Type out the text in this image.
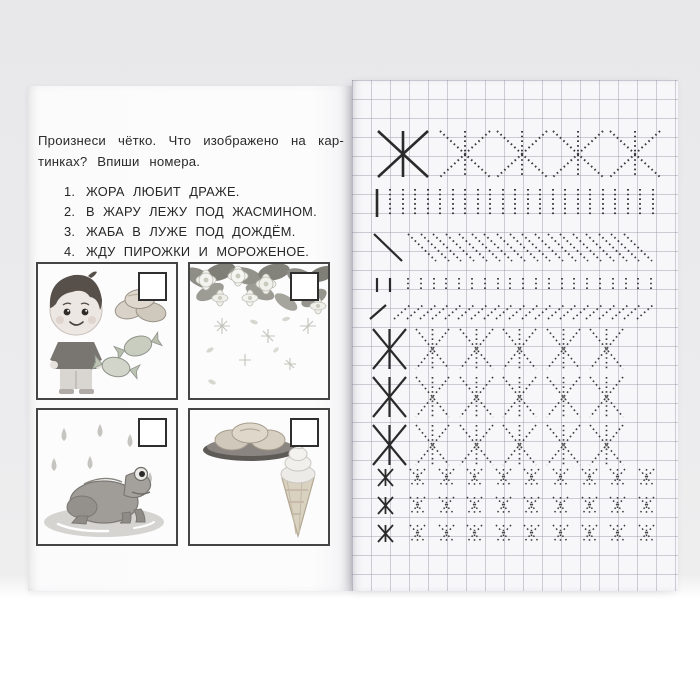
Произнеси чётко. Что изображено на кар-
тинках? Впиши номера.
1. ЖОРА ЛЮБИТ ДРАЖЕ.
2. В ЖАРУ ЛЕЖУ ПОД ЖАСМИНОМ.
3. ЖАБА В ЛУЖЕ ПОД ДОЖДЁМ.
4. ЖДУ ПИРОЖКИ И МОРОЖЕНОЕ.
